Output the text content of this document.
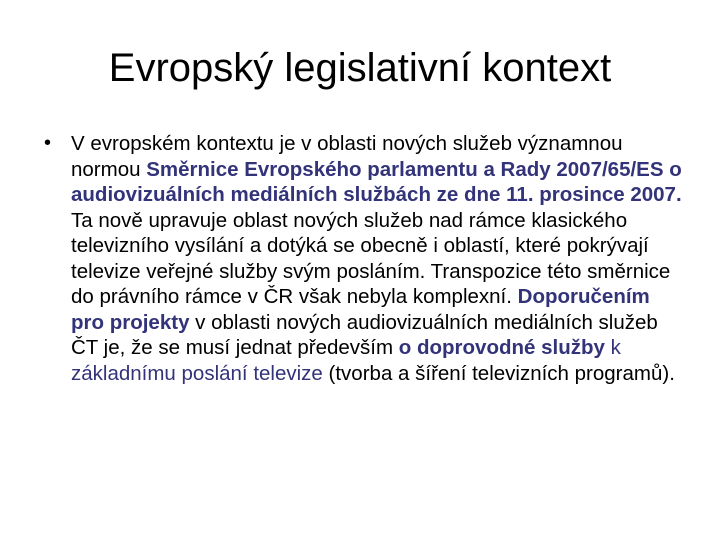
Evropský legislativní kontext
• V evropském kontextu je v oblasti nových služeb významnou normou Směrnice Evropského parlamentu a Rady 2007/65/ES o audiovizuálních mediálních službách ze dne 11. prosince 2007. Ta nově upravuje oblast nových služeb nad rámce klasického televizního vysílání a dotýká se obecně i oblastí, které pokrývají televize veřejné služby svým posláním. Transpozice této směrnice do právního rámce v ČR však nebyla komplexní. Doporučením pro projekty v oblasti nových audiovizuálních mediálních služeb ČT je, že se musí jednat především o doprovodné služby k základnímu poslání televize (tvorba a šíření televizních programů).
